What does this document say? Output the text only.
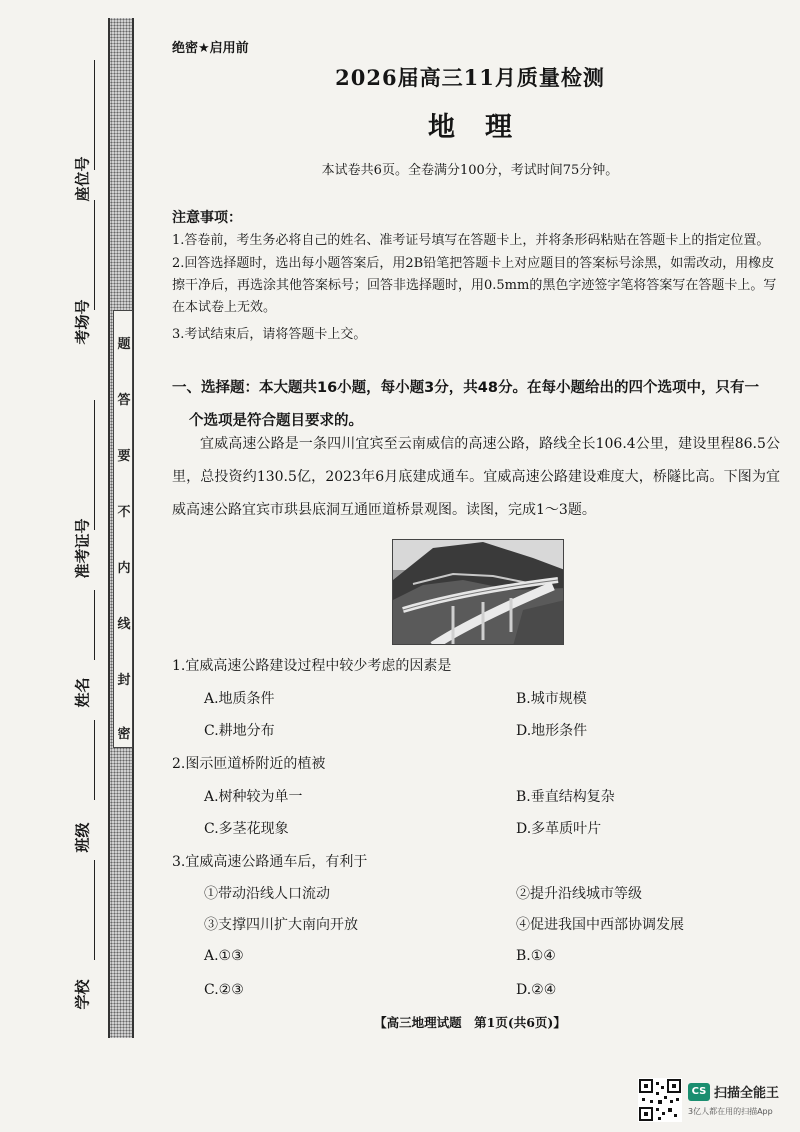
题
答
要
不
内
线
封
密
座位号
考场号
准考证号
姓名
班级
学校
绝密★启用前
2026届高三11月质量检测
地理
本试卷共6页。全卷满分100分，考试时间75分钟。
注意事项：
1.答卷前，考生务必将自己的姓名、准考证号填写在答题卡上，并将条形码粘贴在答题卡上的指定位置。
2.回答选择题时，选出每小题答案后，用2B铅笔把答题卡上对应题目的答案标号涂黑，如需改动，用橡皮擦干净后，再选涂其他答案标号；回答非选择题时，用0.5mm的黑色字迹签字笔将答案写在答题卡上。写在本试卷上无效。
3.考试结束后，请将答题卡上交。
一、选择题：本大题共16小题，每小题3分，共48分。在每小题给出的四个选项中，只有一
个选项是符合题目要求的。

宜威高速公路是一条四川宜宾至云南威信的高速公路，路线全长106.4公里，建设里程86.5公里，总投资约130.5亿，2023年6月底建成通车。宜威高速公路建设难度大，桥隧比高。下图为宜威高速公路宜宾市珙县底洞互通匝道桥景观图。读图，完成1～3题。

1.宜威高速公路建设过程中较少考虑的因素是
A.地质条件	B.城市规模
C.耕地分布	D.地形条件
2.图示匝道桥附近的植被
A.树种较为单一	B.垂直结构复杂
C.多茎花现象	D.多革质叶片
3.宜威高速公路通车后，有利于
①带动沿线人口流动	②提升沿线城市等级
③支撑四川扩大南向开放	④促进我国中西部协调发展
A.①③	B.①④
C.②③	D.②④
【高三地理试题　第1页(共6页)】
CS 扫描全能王
3亿人都在用的扫描App
